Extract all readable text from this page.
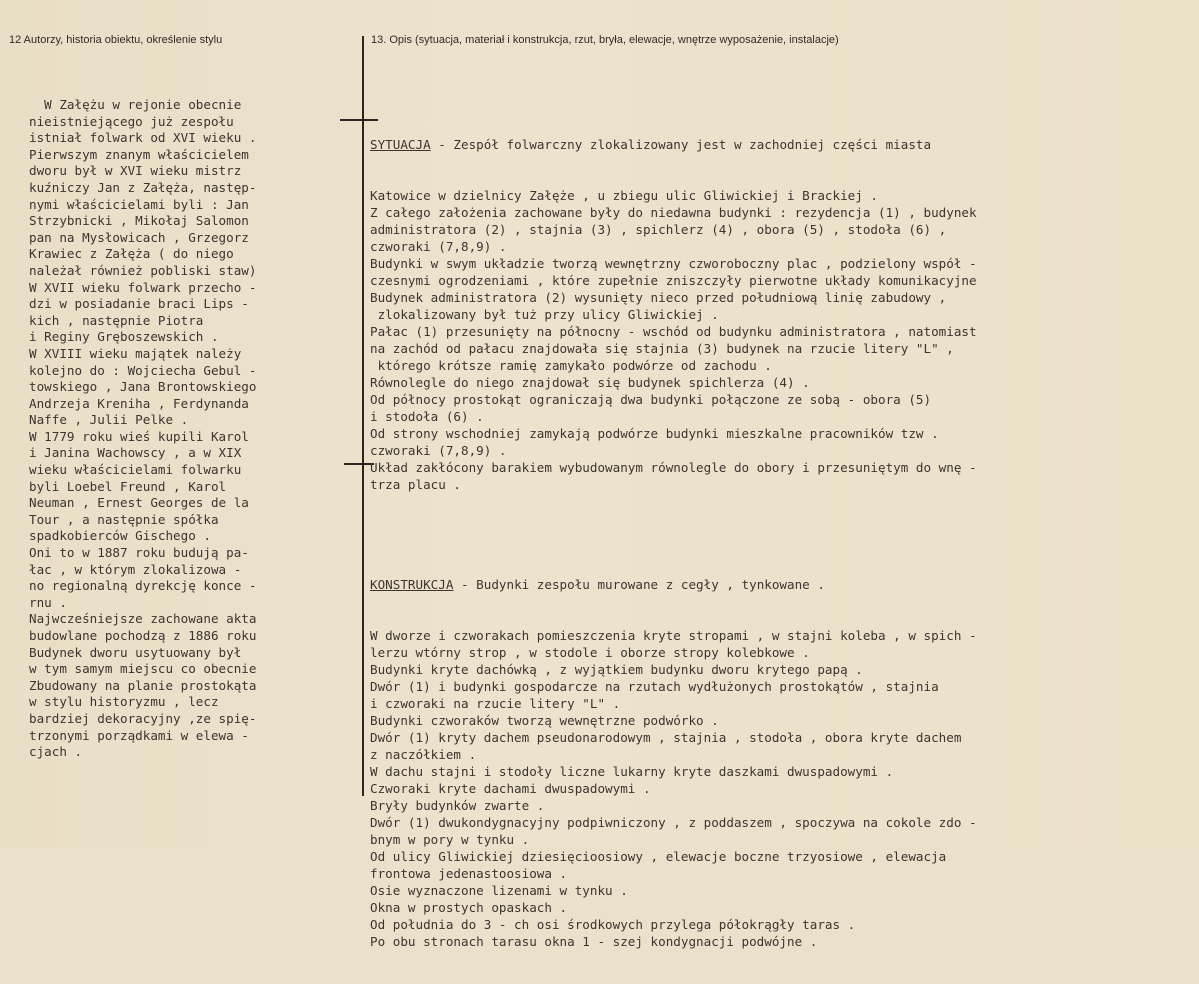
12 Autorzy, historia obiektu, określenie stylu	13. Opis (sytuacja, materiał i konstrukcja, rzut, bryła, elewacje, wnętrze wyposażenie, instalacje)
W Załężu w rejonie obecnie
nieistniejącego już zespołu
istniał folwark od XVI wieku .
Pierwszym znanym właścicielem
dworu był w XVI wieku mistrz
kuźniczy Jan z Załęża, następ-
nymi właścicielami byli : Jan
Strzybnicki , Mikołaj Salomon
pan na Mysłowicach , Grzegorz
Krawiec z Załęża ( do niego
należał również pobliski staw)
W XVII wieku folwark przecho -
dzi w posiadanie braci Lips -
kich , następnie Piotra
i Reginy Gręboszewskich .
W XVIII wieku majątek należy
kolejno do : Wojciecha Gebul -
towskiego , Jana Brontowskiego
Andrzeja Kreniha , Ferdynanda
Naffe , Julii Pelke .
W 1779 roku wieś kupili Karol
i Janina Wachowscy , a w XIX
wieku właścicielami folwarku
byli Loebel Freund , Karol
Neuman , Ernest Georges de la
Tour , a następnie spółka
spadkobierców Gischego .
Oni to w 1887 roku budują pa-
łac , w którym zlokalizowa -
no regionalną dyrekcję konce -
rnu .
Najwcześniejsze zachowane akta
budowlane pochodzą z 1886 roku
Budynek dworu usytuowany był
w tym samym miejscu co obecnie
Zbudowany na planie prostokąta
w stylu historyzmu , lecz
bardziej dekoracyjny ,ze spię-
trzonymi porządkami w elewa -
cjach .

SYTUACJA - Zespół folwarczny zlokalizowany jest w zachodniej części miasta

Katowice w dzielnicy Załęże , u zbiegu ulic Gliwickiej i Brackiej .
Z całego założenia zachowane były do niedawna budynki : rezydencja (1) , budynek
administratora (2) , stajnia (3) , spichlerz (4) , obora (5) , stodoła (6) ,
czworaki (7,8,9) .
Budynki w swym układzie tworzą wewnętrzny czworoboczny plac , podzielony współ -
czesnymi ogrodzeniami , które zupełnie zniszczyły pierwotne układy komunikacyjne
Budynek administratora (2) wysunięty nieco przed południową linię zabudowy ,
zlokalizowany był tuż przy ulicy Gliwickiej .
Pałac (1) przesunięty na północny - wschód od budynku administratora , natomiast
na zachód od pałacu znajdowała się stajnia (3) budynek na rzucie litery "L" ,
którego krótsze ramię zamykało podwórze od zachodu .
Równolegle do niego znajdował się budynek spichlerza (4) .
Od północy prostokąt ograniczają dwa budynki połączone ze sobą - obora (5)
i stodoła (6) .
Od strony wschodniej zamykają podwórze budynki mieszkalne pracowników tzw .
czworaki (7,8,9) .
Układ zakłócony barakiem wybudowanym równolegle do obory i przesuniętym do wnę -
trza placu .

KONSTRUKCJA - Budynki zespołu murowane z cegły , tynkowane .

W dworze i czworakach pomieszczenia kryte stropami , w stajni koleba , w spich -
lerzu wtórny strop , w stodole i oborze stropy kolebkowe .
Budynki kryte dachówką , z wyjątkiem budynku dworu krytego papą .
Dwór (1) i budynki gospodarcze na rzutach wydłużonych prostokątów , stajnia
i czworaki na rzucie litery "L" .
Budynki czworaków tworzą wewnętrzne podwórko .
Dwór (1) kryty dachem pseudonarodowym , stajnia , stodoła , obora kryte dachem
z naczółkiem .
W dachu stajni i stodoły liczne lukarny kryte daszkami dwuspadowymi .
Czworaki kryte dachami dwuspadowymi .
Bryły budynków zwarte .
Dwór (1) dwukondygnacyjny podpiwniczony , z poddaszem , spoczywa na cokole zdo -
bnym w pory w tynku .
Od ulicy Gliwickiej dziesięcioosiowy , elewacje boczne trzyosiowe , elewacja
frontowa jedenastoosiowa .
Osie wyznaczone lizenami w tynku .
Okna w prostych opaskach .
Od południa do 3 - ch osi środkowych przylega półokrągły taras .
Po obu stronach tarasu okna 1 - szej kondygnacji podwójne .
